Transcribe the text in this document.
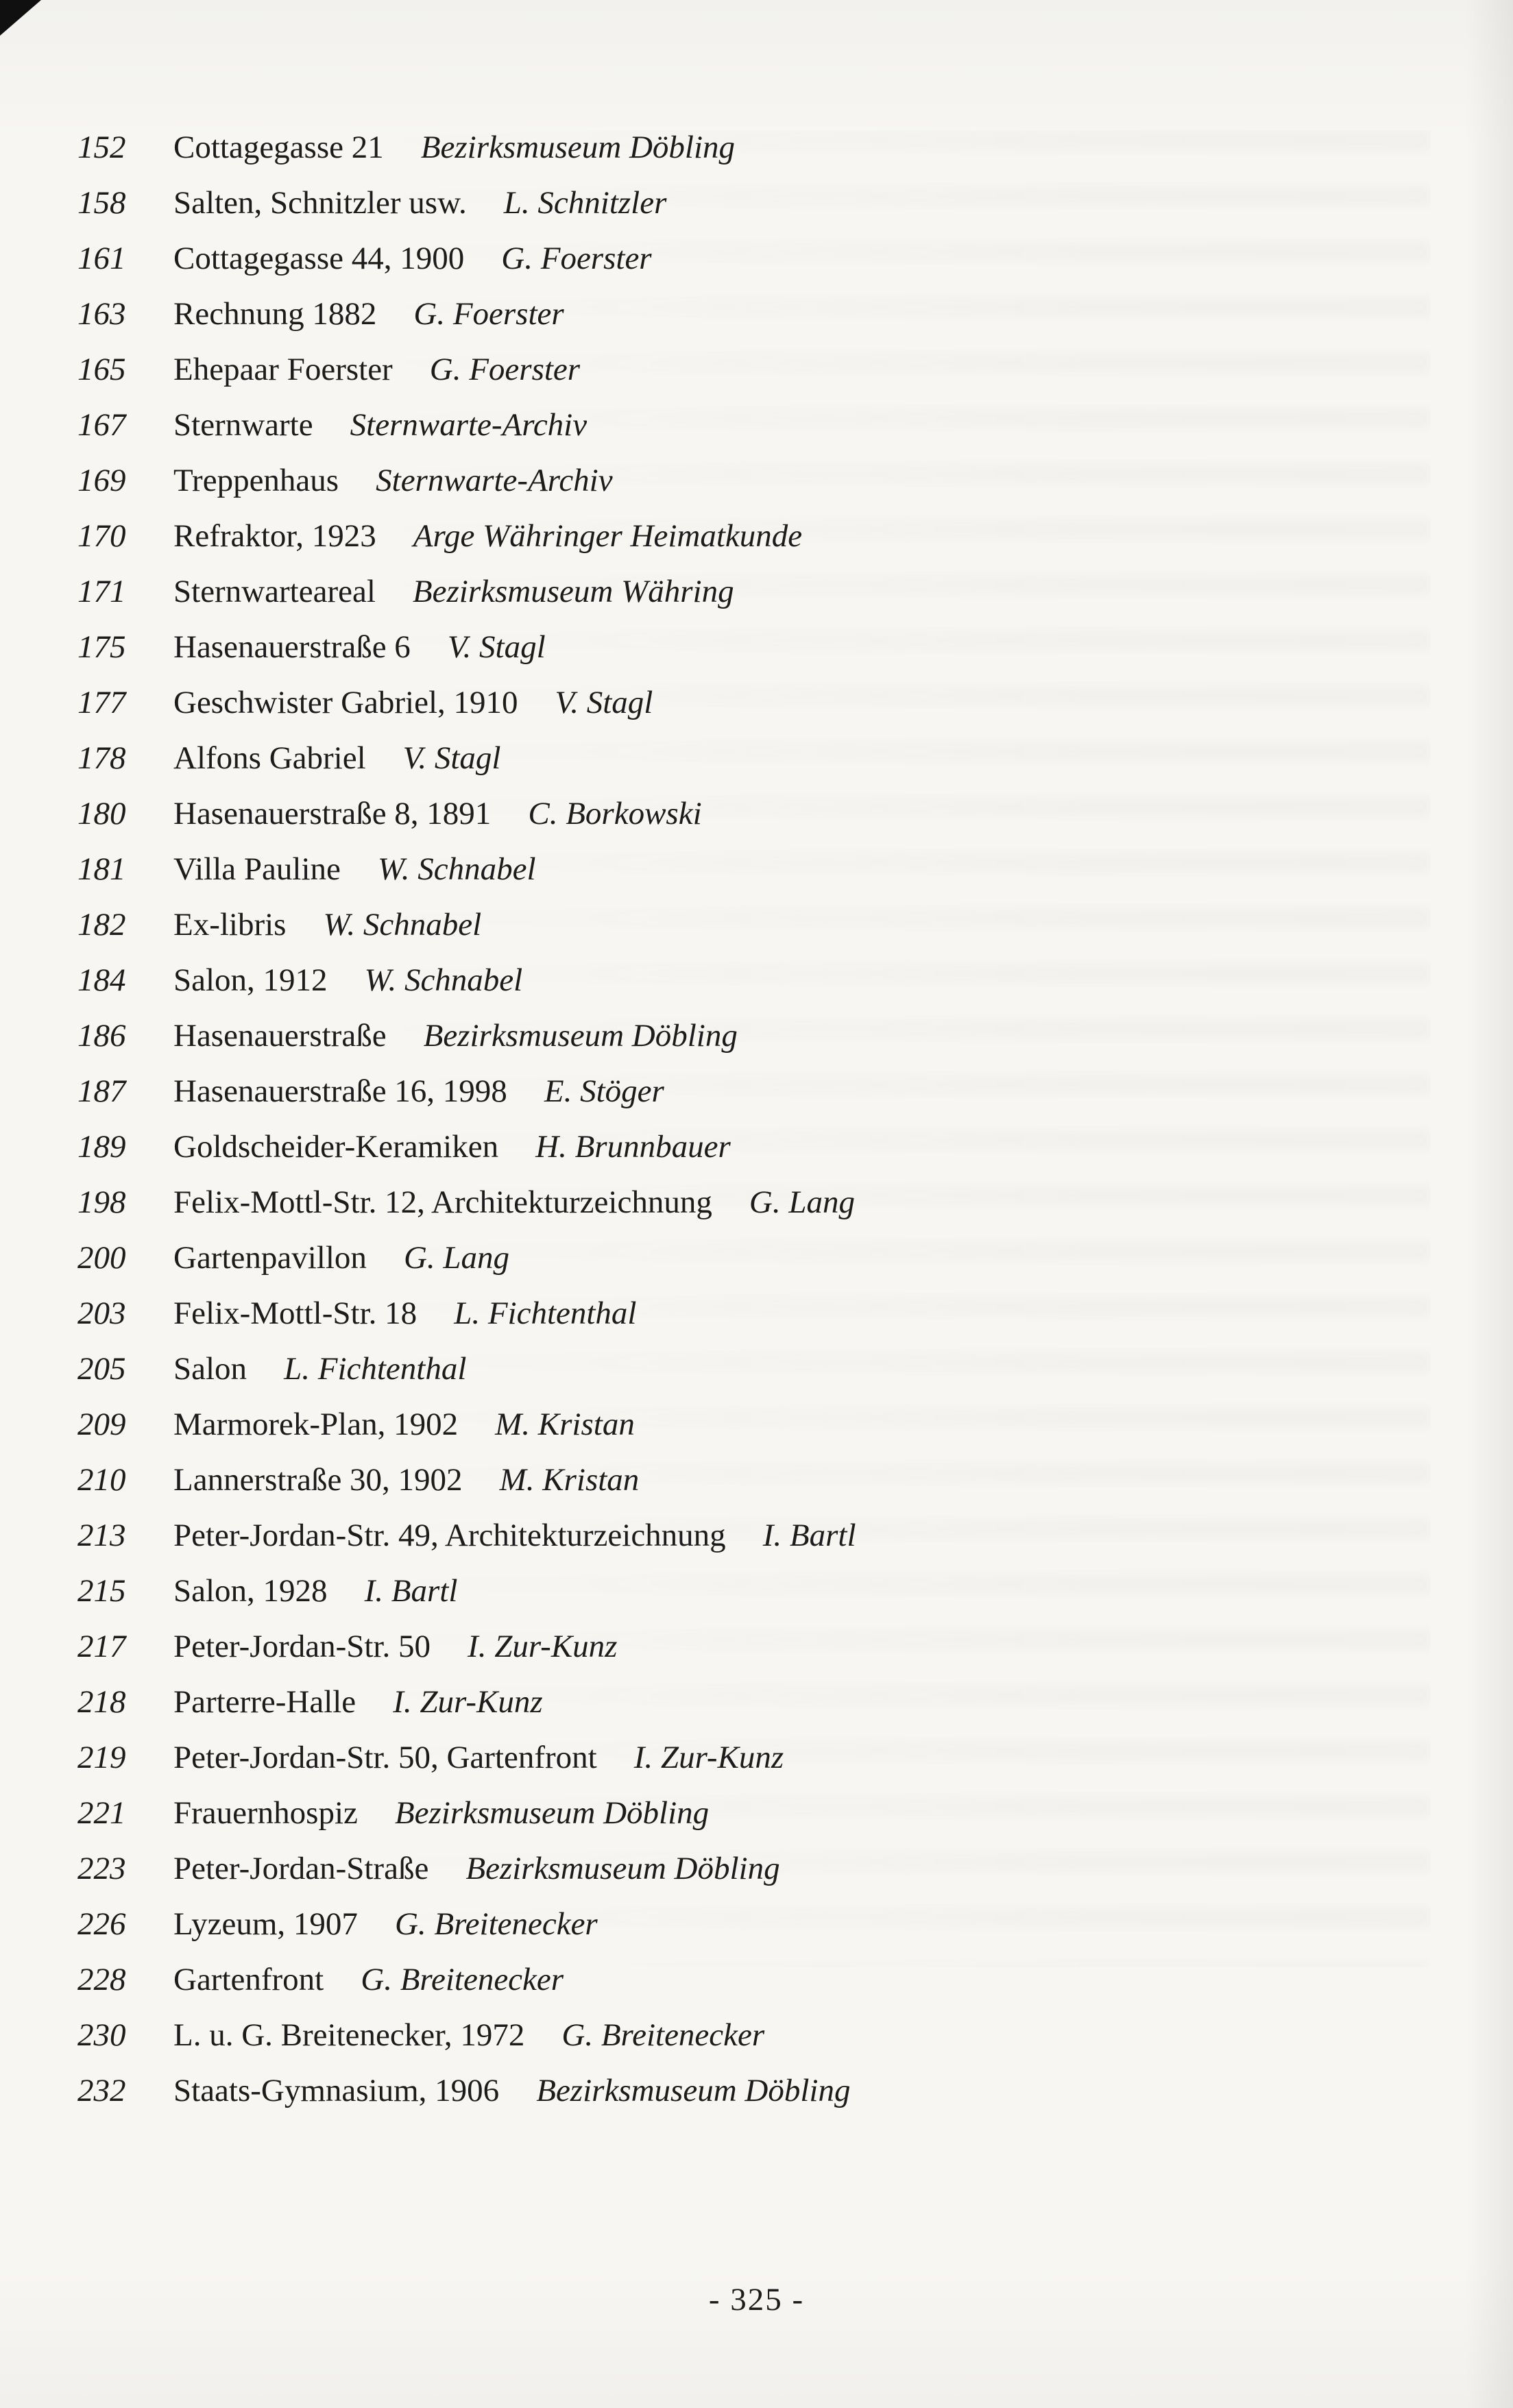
152 Cottagegasse 21 Bezirksmuseum Döbling
158 Salten, Schnitzler usw. L. Schnitzler
161 Cottagegasse 44, 1900 G. Foerster
163 Rechnung 1882 G. Foerster
165 Ehepaar Foerster G. Foerster
167 Sternwarte Sternwarte-Archiv
169 Treppenhaus Sternwarte-Archiv
170 Refraktor, 1923 Arge Währinger Heimatkunde
171 Sternwarteareal Bezirksmuseum Währing
175 Hasenauerstraße 6 V. Stagl
177 Geschwister Gabriel, 1910 V. Stagl
178 Alfons Gabriel V. Stagl
180 Hasenauerstraße 8, 1891 C. Borkowski
181 Villa Pauline W. Schnabel
182 Ex-libris W. Schnabel
184 Salon, 1912 W. Schnabel
186 Hasenauerstraße Bezirksmuseum Döbling
187 Hasenauerstraße 16, 1998 E. Stöger
189 Goldscheider-Keramiken H. Brunnbauer
198 Felix-Mottl-Str. 12, Architekturzeichnung G. Lang
200 Gartenpavillon G. Lang
203 Felix-Mottl-Str. 18 L. Fichtenthal
205 Salon L. Fichtenthal
209 Marmorek-Plan, 1902 M. Kristan
210 Lannerstraße 30, 1902 M. Kristan
213 Peter-Jordan-Str. 49, Architekturzeichnung I. Bartl
215 Salon, 1928 I. Bartl
217 Peter-Jordan-Str. 50 I. Zur-Kunz
218 Parterre-Halle I. Zur-Kunz
219 Peter-Jordan-Str. 50, Gartenfront I. Zur-Kunz
221 Frauernhospiz Bezirksmuseum Döbling
223 Peter-Jordan-Straße Bezirksmuseum Döbling
226 Lyzeum, 1907 G. Breitenecker
228 Gartenfront G. Breitenecker
230 L. u. G. Breitenecker, 1972 G. Breitenecker
232 Staats-Gymnasium, 1906 Bezirksmuseum Döbling
- 325 -
